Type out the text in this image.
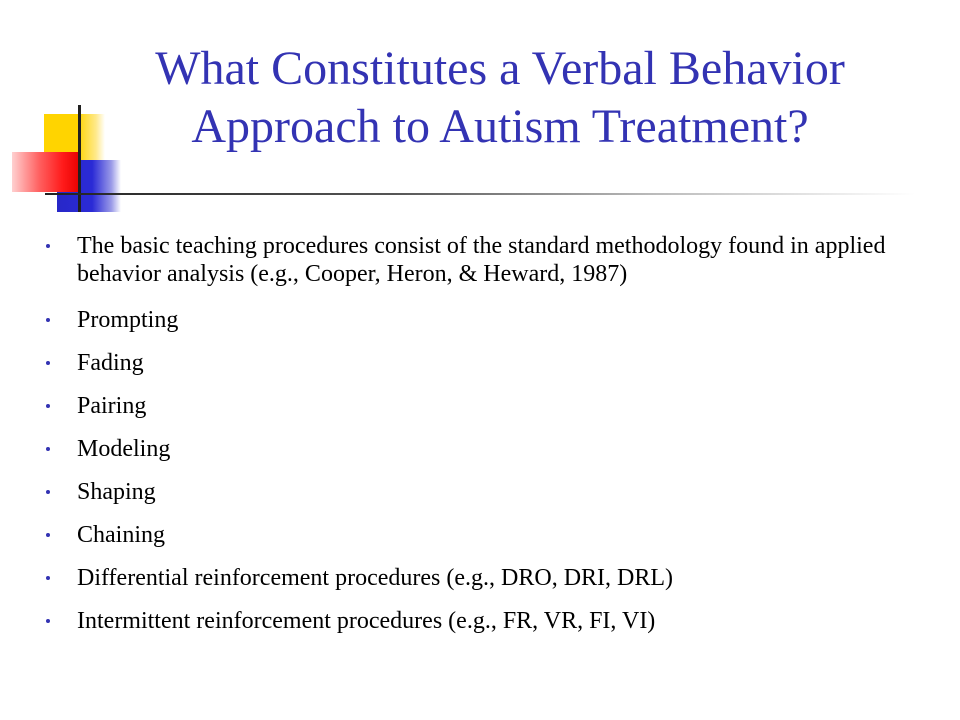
What Constitutes a Verbal Behavior
Approach to Autism Treatment?
The basic teaching procedures consist of the standard methodology found in applied behavior analysis (e.g., Cooper, Heron, & Heward, 1987)
Prompting
Fading
Pairing
Modeling
Shaping
Chaining
Differential reinforcement procedures (e.g., DRO, DRI, DRL)
Intermittent reinforcement procedures (e.g., FR, VR, FI, VI)
